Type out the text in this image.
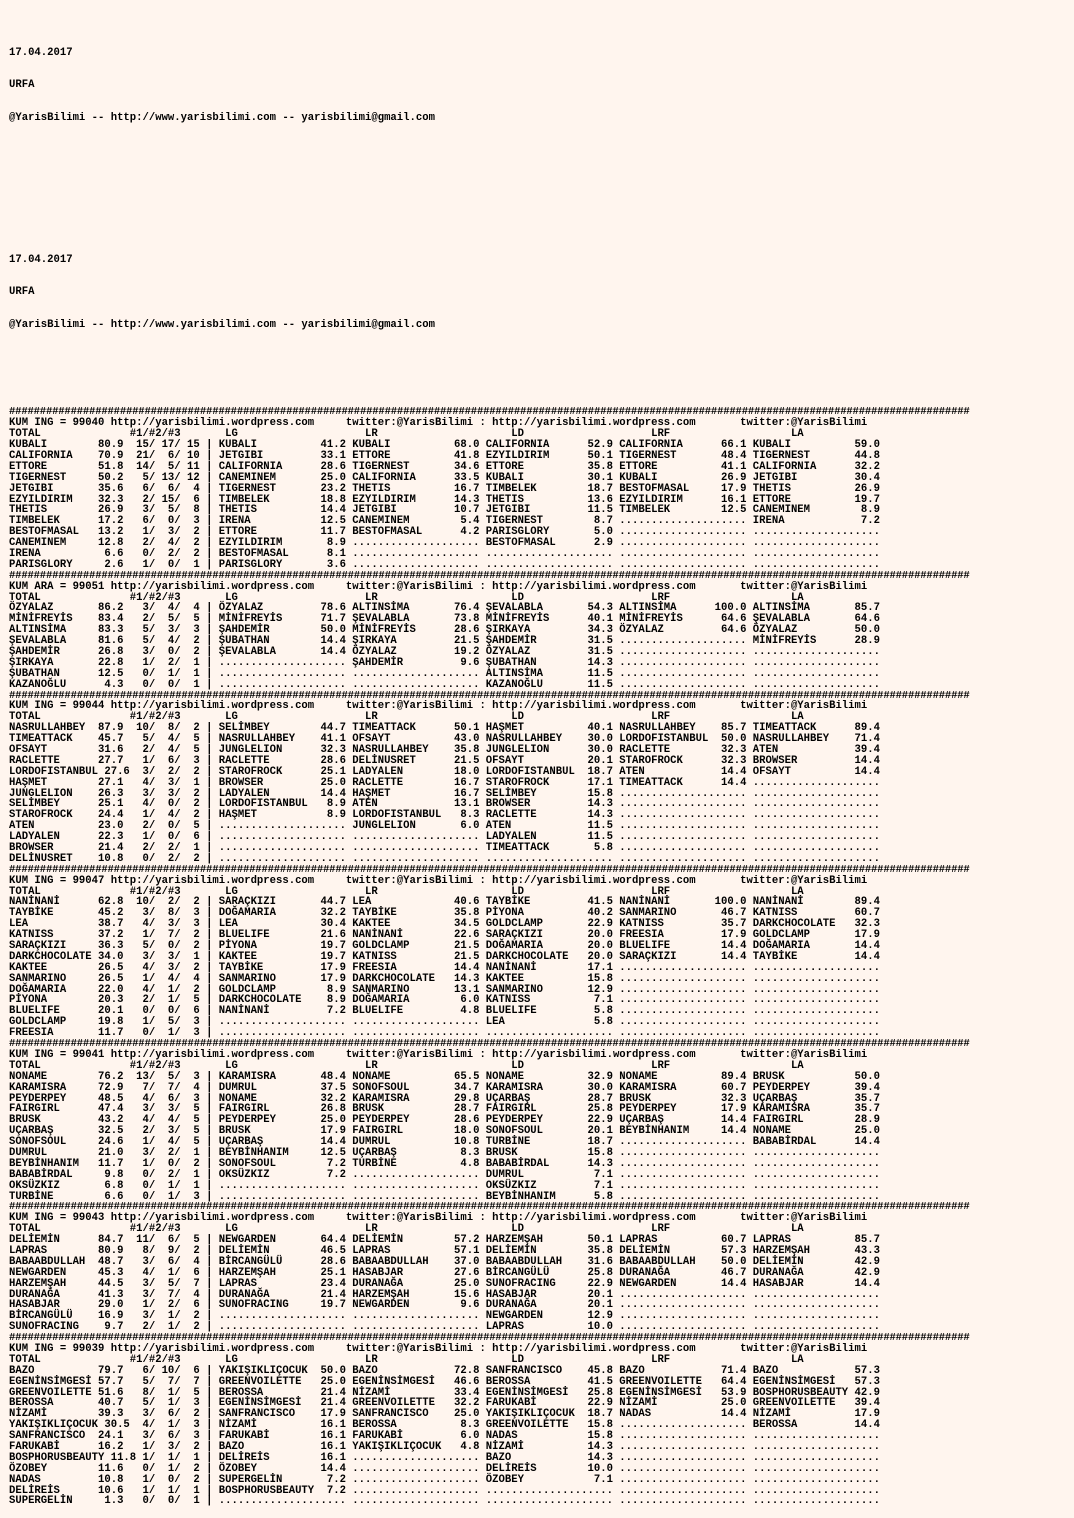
17.04.2017

URFA

@YarisBilimi -- http://www.yarisbilimi.com -- yarisbilimi@gmail.com

17.04.2017

URFA

@YarisBilimi -- http://www.yarisbilimi.com -- yarisbilimi@gmail.com

############################################################################################################################################################
KUM ING = 99040 http://yarisbilimi.wordpress.com     twitter:@YarisBilimi : http://yarisbilimi.wordpress.com       twitter:@YarisBilimi
TOTAL              #1/#2/#3       LG                    LR                     LD                    LRF                   LA
KUBALI        80.9  15/ 17/ 15 | KUBALI          41.2 KUBALI          68.0 CALIFORNIA      52.9 CALIFORNIA      66.1 KUBALI          59.0
CALIFORNIA    70.9  21/  6/ 10 | JETGIBI         33.1 ETTORE          41.8 EZYILDIRIM      50.1 TIGERNEST       48.4 TIGERNEST       44.8
ETTORE        51.8  14/  5/ 11 | CALIFORNIA      28.6 TIGERNEST       34.6 ETTORE          35.8 ETTORE          41.1 CALIFORNIA      32.2
TIGERNEST     50.2   5/ 13/ 12 | CANEMINEM       25.0 CALIFORNIA      33.5 KUBALI          30.1 KUBALI          26.9 JETGIBI         30.4
JETGIBI       35.6   6/  6/  4 | TIGERNEST       23.2 THETIS          16.7 TIMBELEK        18.7 BESTOFMASAL     17.9 THETIS          26.9
EZYILDIRIM    32.3   2/ 15/  6 | TIMBELEK        18.8 EZYILDIRIM      14.3 THETIS          13.6 EZYILDIRIM      16.1 ETTORE          19.7
THETIS        26.9   3/  5/  8 | THETIS          14.4 JETGIBI         10.7 JETGIBI         11.5 TIMBELEK        12.5 CANEMINEM        8.9
TIMBELEK      17.2   6/  0/  3 | IRENA           12.5 CANEMINEM        5.4 TIGERNEST        8.7 .................... IRENA            7.2
BESTOFMASAL   13.2   1/  3/  2 | ETTORE          11.7 BESTOFMASAL      4.2 PARISGLORY       5.0 .................... ....................
CANEMINEM     12.8   2/  4/  2 | EZYILDIRIM       8.9 .................... BESTOFMASAL      2.9 .................... ....................
IRENA          6.6   0/  2/  2 | BESTOFMASAL      8.1 .................... .................... .................... ....................
PARISGLORY     2.6   1/  0/  1 | PARISGLORY       3.6 .................... .................... .................... ....................
############################################################################################################################################################
KUM ARA = 99051 http://yarisbilimi.wordpress.com     twitter:@YarisBilimi : http://yarisbilimi.wordpress.com       twitter:@YarisBilimi
TOTAL              #1/#2/#3       LG                    LR                     LD                    LRF                   LA
ÖZYALAZ       86.2   3/  4/  4 | ÖZYALAZ         78.6 ALTINSİMA       76.4 ŞEVALABLA       54.3 ALTINSİMA      100.0 ALTINSİMA       85.7
MİNİFREYİS    83.4   2/  5/  5 | MİNİFREYİS      71.7 ŞEVALABLA       73.8 MİNİFREYİS      40.1 MİNİFREYİS      64.6 ŞEVALABLA       64.6
ALTINSİMA     83.3   5/  3/  3 | ŞAHDEMİR        50.0 MİNİFREYİS      28.6 ŞIRKAYA         34.3 ÖZYALAZ         64.6 ÖZYALAZ         50.0
ŞEVALABLA     81.6   5/  4/  2 | ŞUBATHAN        14.4 ŞIRKAYA         21.5 ŞAHDEMİR        31.5 .................... MİNİFREYİS      28.9
ŞAHDEMİR      26.8   3/  0/  2 | ŞEVALABLA       14.4 ÖZYALAZ         19.2 ÖZYALAZ         31.5 .................... ....................
ŞIRKAYA       22.8   1/  2/  1 | .................... ŞAHDEMİR         9.6 ŞUBATHAN        14.3 .................... ....................
ŞUBATHAN      12.5   0/  1/  1 | .................... .................... ALTINSİMA       11.5 .................... ....................
KAZANOĞLU      4.3   0/  0/  1 | .................... .................... KAZANOĞLU       11.5 .................... ....................
############################################################################################################################################################
KUM ING = 99044 http://yarisbilimi.wordpress.com     twitter:@YarisBilimi : http://yarisbilimi.wordpress.com       twitter:@YarisBilimi
TOTAL              #1/#2/#3       LG                    LR                     LD                    LRF                   LA
NASRULLAHBEY  87.9  10/  8/  2 | SELİMBEY        44.7 TIMEATTACK      50.1 HAŞMET          40.1 NASRULLAHBEY    85.7 TIMEATTACK      89.4
TIMEATTACK    45.7   5/  4/  5 | NASRULLAHBEY    41.1 OFSAYT          43.0 NASRULLAHBEY    30.0 LORDOFISTANBUL  50.0 NASRULLAHBEY    71.4
OFSAYT        31.6   2/  4/  5 | JUNGLELION      32.3 NASRULLAHBEY    35.8 JUNGLELION      30.0 RACLETTE        32.3 ATEN            39.4
RACLETTE      27.7   1/  6/  3 | RACLETTE        28.6 DELİNUSRET      21.5 OFSAYT          20.1 STAROFROCK      32.3 BROWSER         14.4
LORDOFISTANBUL 27.6  3/  2/  2 | STAROFROCK      25.1 LADYALEN        18.0 LORDOFISTANBUL  18.7 ATEN            14.4 OFSAYT          14.4
HAŞMET        27.1   4/  3/  1 | BROWSER         25.0 RACLETTE        16.7 STAROFROCK      17.1 TIMEATTACK      14.4 ....................
JUNGLELION    26.3   3/  3/  2 | LADYALEN        14.4 HAŞMET          16.7 SELİMBEY        15.8 .................... ....................
SELİMBEY      25.1   4/  0/  2 | LORDOFISTANBUL   8.9 ATEN            13.1 BROWSER         14.3 .................... ....................
STAROFROCK    24.4   1/  4/  2 | HAŞMET           8.9 LORDOFISTANBUL   8.3 RACLETTE        14.3 .................... ....................
ATEN          23.0   2/  0/  5 | .................... JUNGLELION       6.0 ATEN            11.5 .................... ....................
LADYALEN      22.3   1/  0/  6 | .................... .................... LADYALEN        11.5 .................... ....................
BROWSER       21.4   2/  2/  1 | .................... .................... TIMEATTACK       5.8 .................... ....................
DELİNUSRET    10.8   0/  2/  2 | .................... .................... .................... .................... ....................
############################################################################################################################################################
KUM ING = 99047 http://yarisbilimi.wordpress.com     twitter:@YarisBilimi : http://yarisbilimi.wordpress.com       twitter:@YarisBilimi
TOTAL              #1/#2/#3       LG                    LR                     LD                    LRF                   LA
NANİNANİ      62.8  10/  2/  2 | SARAÇKIZI       44.7 LEA             40.6 TAYBİKE         41.5 NANİNANİ       100.0 NANİNANİ        89.4
TAYBİKE       45.2   3/  8/  3 | DOĞAMARIA       32.2 TAYBİKE         35.8 PİYONA          40.2 SANMARINO       46.7 KATNISS         60.7
LEA           38.7   4/  3/  3 | LEA             30.4 KAKTEE          34.5 GOLDCLAMP       22.9 KATNISS         35.7 DARKCHOCOLATE   32.3
KATNISS       37.2   1/  7/  2 | BLUELIFE        21.6 NANİNANİ        22.6 SARAÇKIZI       20.0 FREESIA         17.9 GOLDCLAMP       17.9
SARAÇKIZI     36.3   5/  0/  2 | PİYONA          19.7 GOLDCLAMP       21.5 DOĞAMARIA       20.0 BLUELIFE        14.4 DOĞAMARIA       14.4
DARKCHOCOLATE 34.0   3/  3/  1 | KAKTEE          19.7 KATNISS         21.5 DARKCHOCOLATE   20.0 SARAÇKIZI       14.4 TAYBİKE         14.4
KAKTEE        26.5   4/  3/  2 | TAYBİKE         17.9 FREESIA         14.4 NANİNANİ        17.1 .................... ....................
SANMARINO     26.5   1/  4/  4 | SANMARINO       17.9 DARKCHOCOLATE   14.3 KAKTEE          15.8 .................... ....................
DOĞAMARIA     22.0   4/  1/  2 | GOLDCLAMP        8.9 SANMARINO       13.1 SANMARINO       12.9 .................... ....................
PİYONA        20.3   2/  1/  5 | DARKCHOCOLATE    8.9 DOĞAMARIA        6.0 KATNISS          7.1 .................... ....................
BLUELIFE      20.1   0/  0/  6 | NANİNANİ         7.2 BLUELIFE         4.8 BLUELIFE         5.8 .................... ....................
GOLDCLAMP     19.8   1/  5/  3 | .................... .................... LEA              5.8 .................... ....................
FREESIA       11.7   0/  1/  3 | .................... .................... .................... .................... ....................
############################################################################################################################################################
KUM ING = 99041 http://yarisbilimi.wordpress.com     twitter:@YarisBilimi : http://yarisbilimi.wordpress.com       twitter:@YarisBilimi
TOTAL              #1/#2/#3       LG                    LR                     LD                    LRF                   LA
NONAME        76.2  13/  5/  3 | KARAMISRA       48.4 NONAME          65.5 NONAME          32.9 NONAME          89.4 BRUSK           50.0
KARAMISRA     72.9   7/  7/  4 | DUMRUL          37.5 SONOFSOUL       34.7 KARAMISRA       30.0 KARAMISRA       60.7 PEYDERPEY       39.4
PEYDERPEY     48.5   4/  6/  3 | NONAME          32.2 KARAMISRA       29.8 UÇARBAŞ         28.7 BRUSK           32.3 UÇARBAŞ         35.7
FAIRGIRL      47.4   3/  3/  5 | FAIRGIRL        26.8 BRUSK           28.7 FAIRGIRL        25.8 PEYDERPEY       17.9 KARAMISRA       35.7
BRUSK         43.2   4/  4/  5 | PEYDERPEY       25.0 PEYDERPEY       28.6 PEYDERPEY       22.9 UÇARBAŞ         14.4 FAIRGIRL        28.9
UÇARBAŞ       32.5   2/  3/  5 | BRUSK           17.9 FAIRGIRL        18.0 SONOFSOUL       20.1 BEYBİNHANIM     14.4 NONAME          25.0
SONOFSOUL     24.6   1/  4/  5 | UÇARBAŞ         14.4 DUMRUL          10.8 TURBİNE         18.7 .................... BABABİRDAL      14.4
DUMRUL        21.0   3/  2/  1 | BEYBİNHANIM     12.5 UÇARBAŞ          8.3 BRUSK           15.8 .................... ....................
BEYBİNHANIM   11.7   1/  0/  2 | SONOFSOUL        7.2 TURBİNE          4.8 BABABİRDAL      14.3 .................... ....................
BABABİRDAL     9.8   0/  2/  1 | OKSÜZKIZ         7.2 .................... DUMRUL           7.1 .................... ....................
OKSÜZKIZ       6.8   0/  1/  1 | .................... .................... OKSÜZKIZ         7.1 .................... ....................
TURBİNE        6.6   0/  1/  3 | .................... .................... BEYBİNHANIM      5.8 .................... ....................
############################################################################################################################################################
KUM ING = 99043 http://yarisbilimi.wordpress.com     twitter:@YarisBilimi : http://yarisbilimi.wordpress.com       twitter:@YarisBilimi
TOTAL              #1/#2/#3       LG                    LR                     LD                    LRF                   LA
DELİEMİN      84.7  11/  6/  5 | NEWGARDEN       64.4 DELİEMİN        57.2 HARZEMŞAH       50.1 LAPRAS          60.7 LAPRAS          85.7
LAPRAS        80.9   8/  9/  2 | DELİEMİN        46.5 LAPRAS          57.1 DELİEMİN        35.8 DELİEMİN        57.3 HARZEMŞAH       43.3
BABAABDULLAH  48.7   3/  6/  4 | BİRCANGÜLÜ      28.6 BABAABDULLAH    37.0 BABAABDULLAH    31.6 BABAABDULLAH    50.0 DELİEMİN        42.9
NEWGARDEN     45.3   4/  1/  6 | HARZEMŞAH       25.1 HASABJAR        27.6 BİRCANGÜLÜ      25.8 DURANAĞA        46.7 DURANAĞA        42.9
HARZEMŞAH     44.5   3/  5/  7 | LAPRAS          23.4 DURANAĞA        25.0 SUNOFRACING     22.9 NEWGARDEN       14.4 HASABJAR        14.4
DURANAĞA      41.3   3/  7/  4 | DURANAĞA        21.4 HARZEMŞAH       15.6 HASABJAR        20.1 .................... ....................
HASABJAR      29.0   1/  2/  6 | SUNOFRACING     19.7 NEWGARDEN        9.6 DURANAĞA        20.1 .................... ....................
BİRCANGÜLÜ    16.9   3/  1/  2 | .................... .................... NEWGARDEN       12.9 .................... ....................
SUNOFRACING    9.7   2/  1/  2 | .................... .................... LAPRAS          10.0 .................... ....................
############################################################################################################################################################
KUM ING = 99039 http://yarisbilimi.wordpress.com     twitter:@YarisBilimi : http://yarisbilimi.wordpress.com       twitter:@YarisBilimi
TOTAL              #1/#2/#3       LG                    LR                     LD                    LRF                   LA
BAZO          79.7   6/ 10/  6 | YAKIŞIKLIÇOCUK  50.0 BAZO            72.8 SANFRANCISCO    45.8 BAZO            71.4 BAZO            57.3
EGENİNSİMGESİ 57.7   5/  7/  7 | GREENVOILETTE   25.0 EGENİNSİMGESİ   46.6 BEROSSA         41.5 GREENVOILETTE   64.4 EGENİNSİMGESİ   57.3
GREENVOILETTE 51.6   8/  1/  5 | BEROSSA         21.4 NİZAMİ          33.4 EGENİNSİMGESİ   25.8 EGENİNSİMGESİ   53.9 BOSPHORUSBEAUTY 42.9
BEROSSA       40.7   5/  1/  3 | EGENİNSİMGESİ   21.4 GREENVOILETTE   32.2 FARUKABİ        22.9 NİZAMİ          25.0 GREENVOILETTE   39.4
NİZAMİ        39.3   3/  6/  2 | SANFRANCISCO    17.9 SANFRANCISCO    25.0 YAKIŞIKLIÇOCUK  18.7 NADAS           14.4 NİZAMİ          17.9
YAKIŞIKLIÇOCUK 30.5  4/  1/  3 | NİZAMİ          16.1 BEROSSA          8.3 GREENVOILETTE   15.8 .................... BEROSSA         14.4
SANFRANCISCO  24.1   3/  6/  3 | FARUKABİ        16.1 FARUKABİ         6.0 NADAS           15.8 .................... ....................
FARUKABİ      16.2   1/  3/  2 | BAZO            16.1 YAKIŞIKLIÇOCUK   4.8 NİZAMİ          14.3 .................... ....................
BOSPHORUSBEAUTY 11.8 1/  1/  1 | DELİREİS        16.1 .................... BAZO            14.3 .................... ....................
ÖZOBEY        11.6   0/  1/  2 | ÖZOBEY          14.4 .................... DELİREİS        10.0 .................... ....................
NADAS         10.8   1/  0/  2 | SUPERGELİN       7.2 .................... ÖZOBEY           7.1 .................... ....................
DELİREİS      10.6   1/  1/  1 | BOSPHORUSBEAUTY  7.2 .................... .................... .................... ....................
SUPERGELİN     1.3   0/  0/  1 | .................... .................... .................... .................... ....................
